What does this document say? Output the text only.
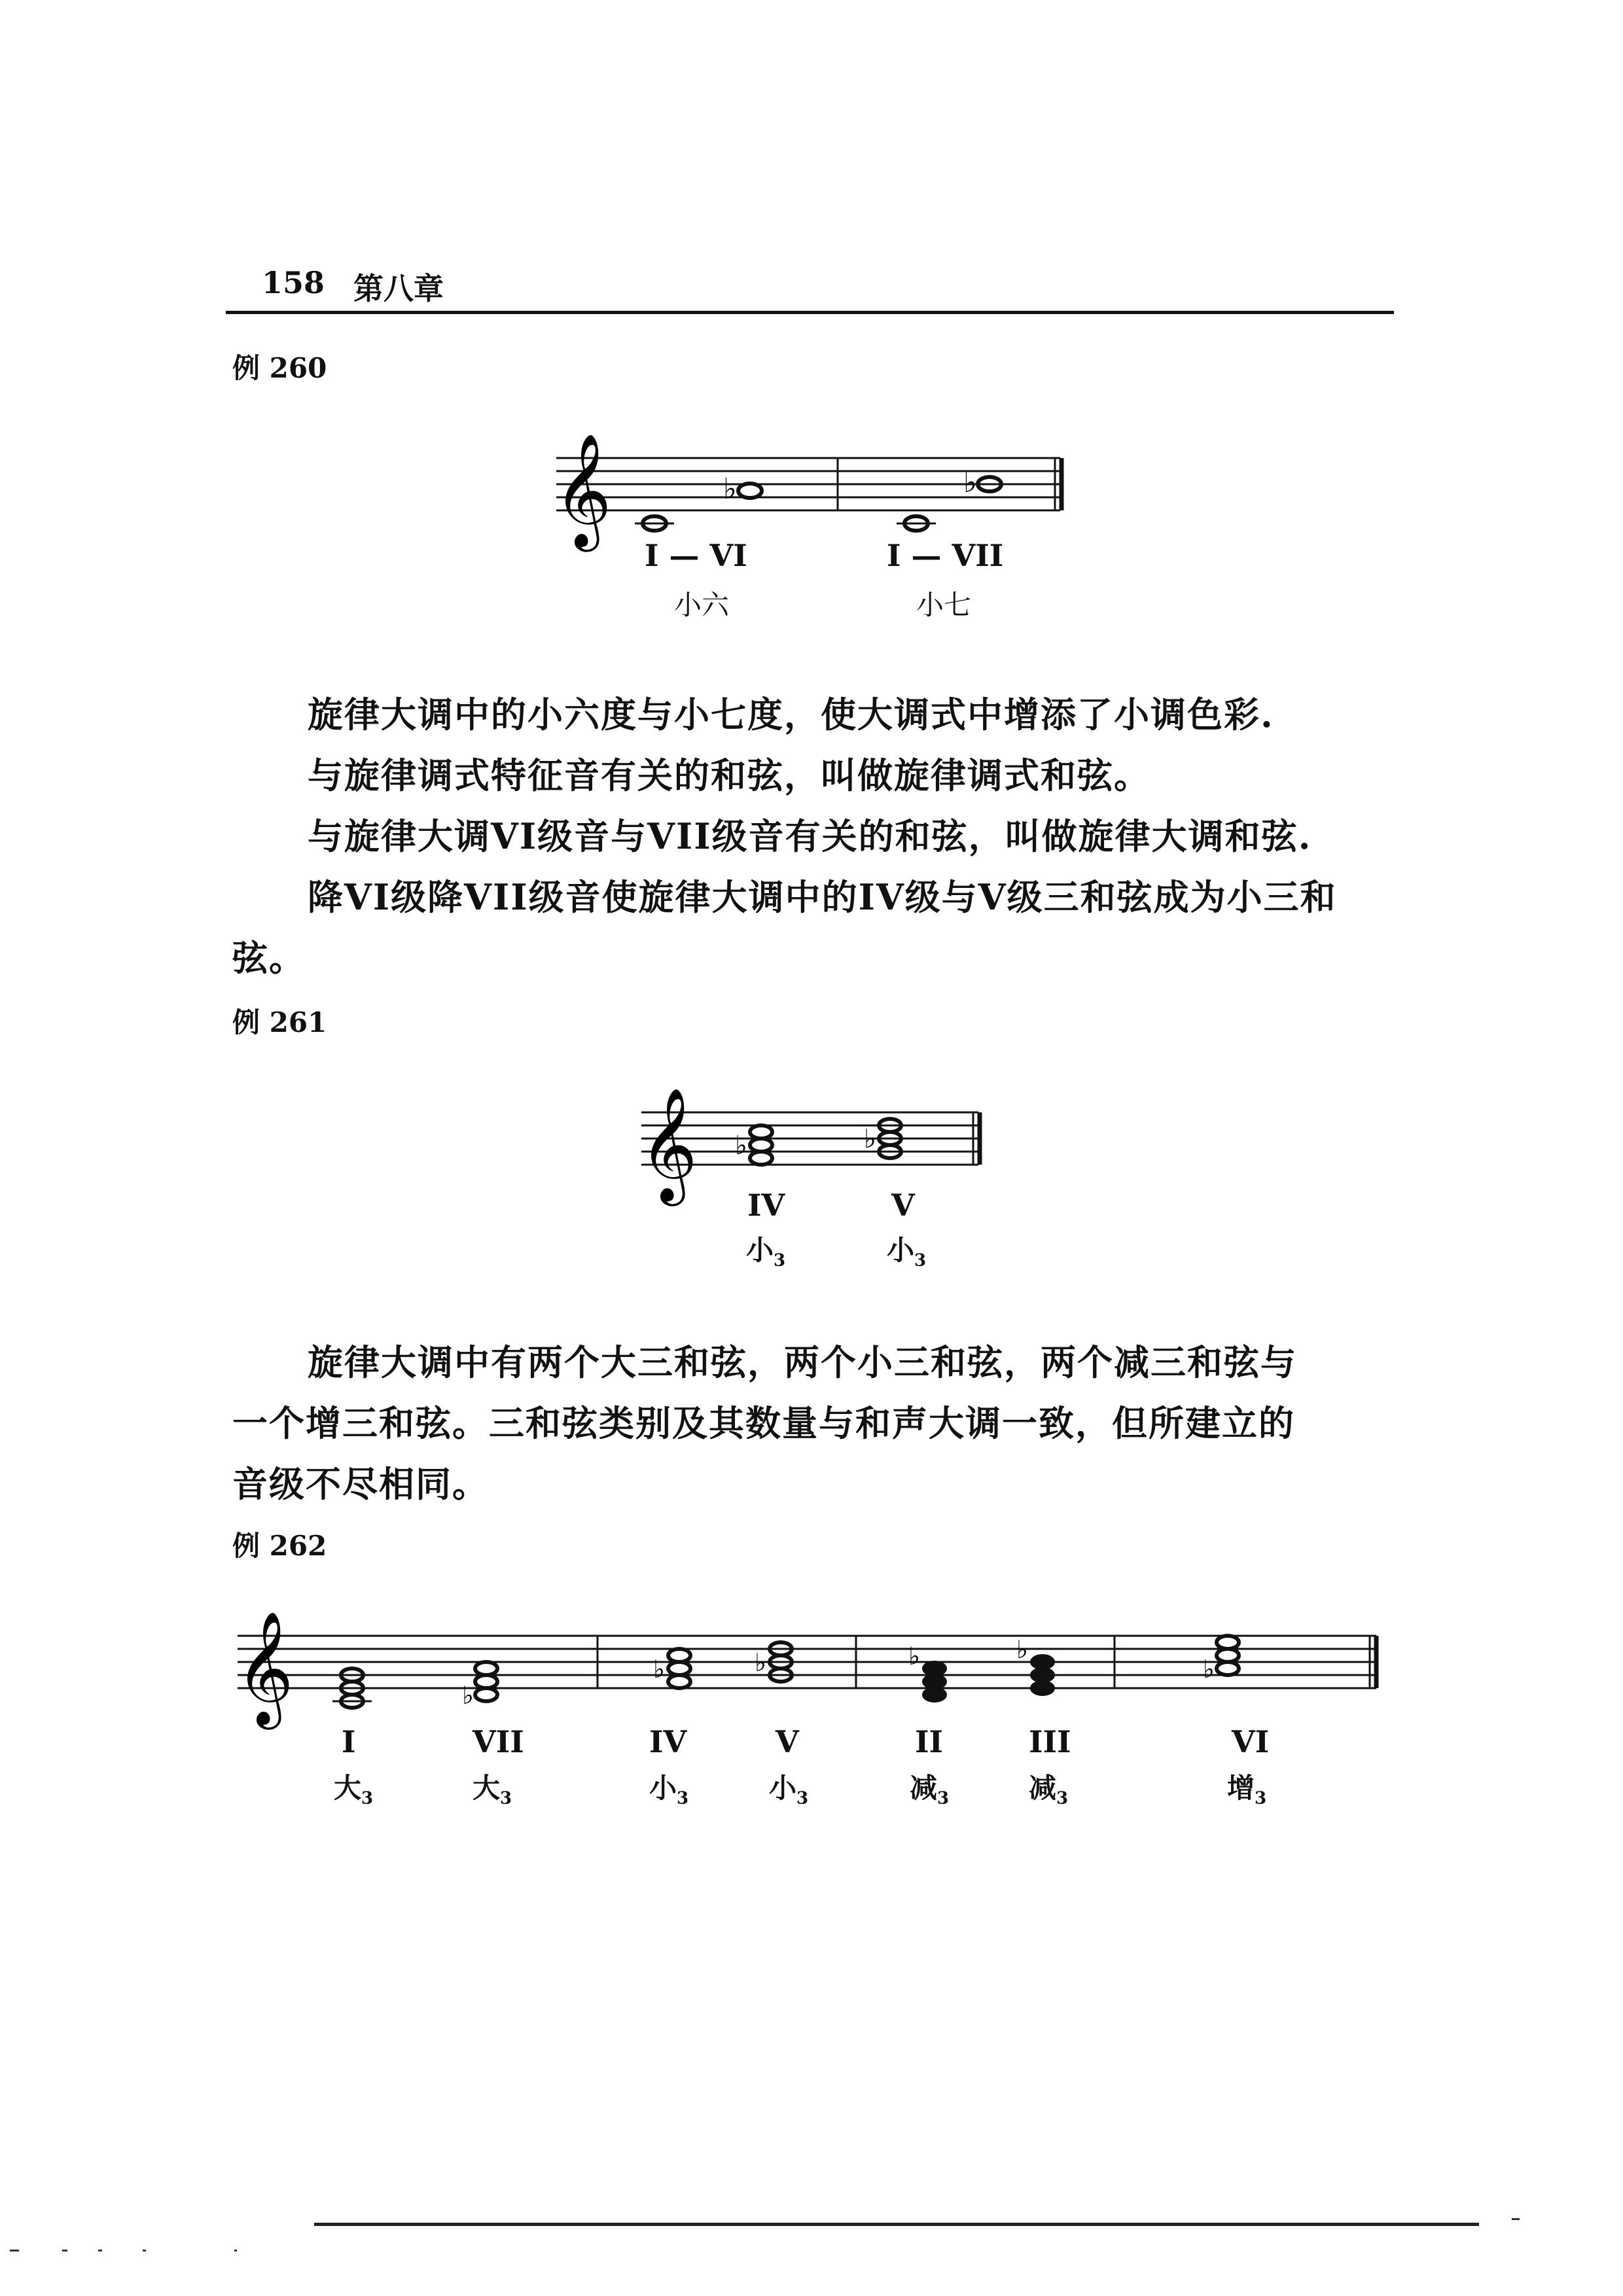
158 第八章
例 260
𝄞	♭	♭
I — VI	I — VII
小六	小七
旋律大调中的小六度与小七度，使大调式中增添了小调色彩.
与旋律调式特征音有关的和弦，叫做旋律调式和弦。
与旋律大调VI级音与VII级音有关的和弦，叫做旋律大调和弦.
降VI级降VII级音使旋律大调中的IV级与V级三和弦成为小三和
弦。
例 261
𝄞 ♭	♭
IV	V
小$_3$	小$_3$
旋律大调中有两个大三和弦，两个小三和弦，两个减三和弦与
一个增三和弦。三和弦类别及其数量与和声大调一致，但所建立的
音级不尽相同。
例 262
𝄞	♭
♭	♭	♭	♭
♭
I	VII	IV	V	II	III	VI
大$_3$	大$_3$	小$_3$	小$_3$	减$_3$	减$_3$	增$_3$
